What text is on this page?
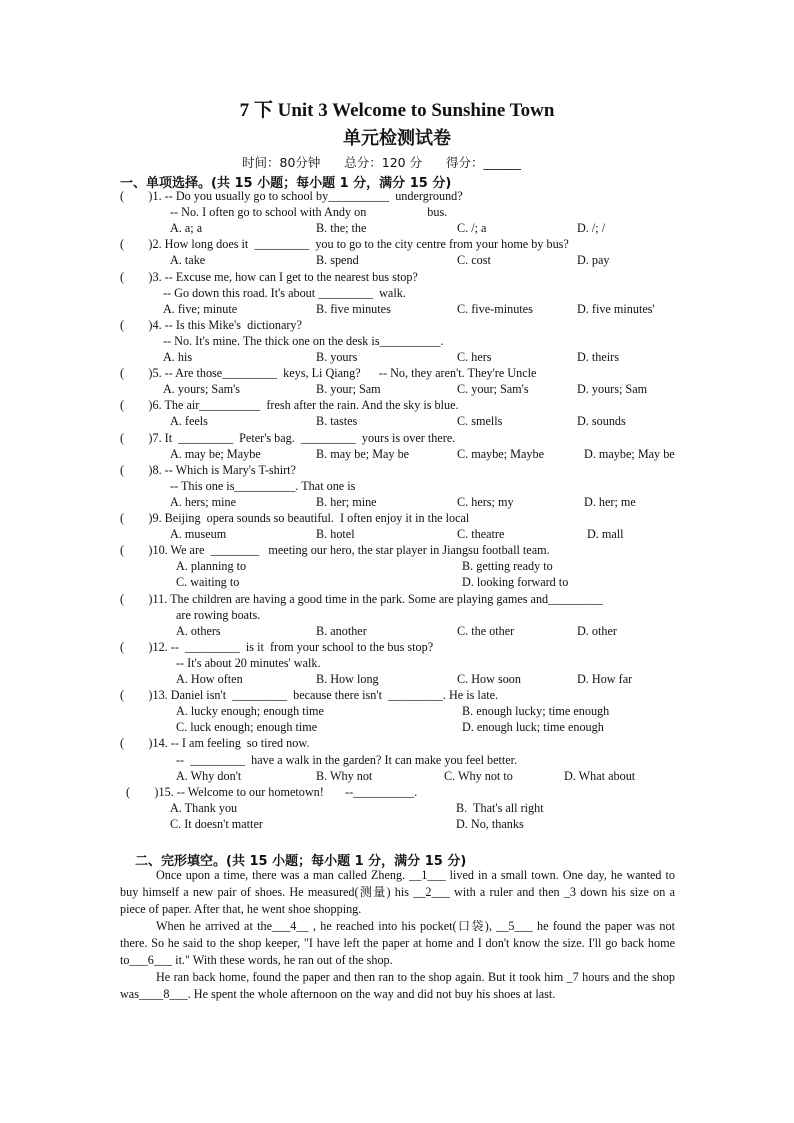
7 下 Unit 3 Welcome to Sunshine Town
单元检测试卷
时间：80分钟 总分：120 分 得分：______
一、单项选择。(共 15 小题；每小题 1 分，满分 15 分)
(        )1. -- Do you usually go to school by__________  underground?
-- No. I often go to school with Andy on                    bus.
A. a; a	B. the; the	C. /; a	D. /; /
(        )2. How long does it  _________  you to go to the city centre from your home by bus?
A. take	B. spend	C. cost	D. pay
(        )3. -- Excuse me, how can I get to the nearest bus stop?
-- Go down this road. It's about _________  walk.
A. five; minute	B. five minutes	C. five-minutes	D. five minutes'
(        )4. -- Is this Mike's  dictionary?
-- No. It's mine. The thick one on the desk is__________.
A. his	B. yours	C. hers	D. theirs
(        )5. -- Are those_________  keys, Li Qiang?      -- No, they aren't. They're Uncle
A. yours; Sam's	B. your; Sam	C. your; Sam's	D. yours; Sam
(        )6. The air__________  fresh after the rain. And the sky is blue.
A. feels	B. tastes	C. smells	D. sounds
(        )7. It  _________  Peter's bag.  _________  yours is over there.
A. may be; Maybe	B. may be; May be	C. maybe; Maybe	D. maybe; May be
(        )8. -- Which is Mary's T-shirt?
-- This one is__________. That one is
A. hers; mine	B. her; mine	C. hers; my	D. her; me
(        )9. Beijing  opera sounds so beautiful.  I often enjoy it in the local
A. museum	B. hotel	C. theatre	D. mall
(        )10. We are  ________   meeting our hero, the star player in Jiangsu football team.
A. planning to	B. getting ready to
C. waiting to	D. looking forward to
(        )11. The children are having a good time in the park. Some are playing games and_________
are rowing boats.
A. others	B. another	C. the other	D. other
(        )12. --  _________  is it  from your school to the bus stop?
-- It's about 20 minutes' walk.
A. How often	B. How long	C. How soon	D. How far
(        )13. Daniel isn't  _________  because there isn't  _________. He is late.
A. lucky enough; enough time	B. enough lucky; time enough
C. luck enough; enough time	D. enough luck; time enough
(        )14. -- I am feeling  so tired now.
--  _________  have a walk in the garden? It can make you feel better.
A. Why don't	B. Why not	C. Why not to	D. What about
(        )15. -- Welcome to our hometown!       --__________.
A. Thank you	B.  That's all right
C. It doesn't matter	D. No, thanks
二、完形填空。(共 15 小题；每小题 1 分，满分 15 分)
Once upon a time, there was a man called Zheng. __1___ lived in a small town. One day, he wanted to buy himself a new pair of shoes. He measured(测量) his __2___ with a ruler and then _3 down his size on a piece of paper. After that, he went shoe shopping.
When he arrived at the___4__ , he reached into his pocket(口袋), __5___ he found the paper was not there. So he said to the shop keeper, "I have left the paper at home and I don't know the size. I'll go back home to___6___ it." With these words, he ran out of the shop.
He ran back home, found the paper and then ran to the shop again. But it took him _7 hours and the shop was____8___. He spent the whole afternoon on the way and did not buy his shoes at last.
